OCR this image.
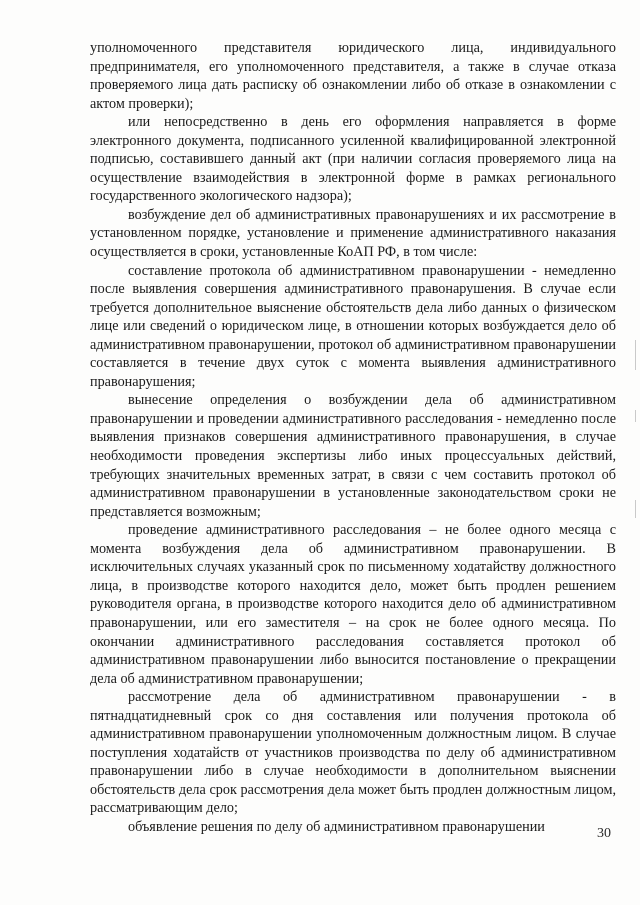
уполномоченного представителя юридического лица, индивидуального предпринимателя, его уполномоченного представителя, а также в случае отказа проверяемого лица дать расписку об ознакомлении либо об отказе в ознакомлении с актом проверки);

или непосредственно в день его оформления направляется в форме электронного документа, подписанного усиленной квалифицированной электронной подписью, составившего данный акт (при наличии согласия проверяемого лица на осуществление взаимодействия в электронной форме в рамках регионального государственного экологического надзора);

возбуждение дел об административных правонарушениях и их рассмотрение в установленном порядке, установление и применение административного наказания осуществляется в сроки, установленные КоАП РФ, в том числе:

составление протокола об административном правонарушении - немедленно после выявления совершения административного правонарушения. В случае если требуется дополнительное выяснение обстоятельств дела либо данных о физическом лице или сведений о юридическом лице, в отношении которых возбуждается дело об административном правонарушении, протокол об административном правонарушении составляется в течение двух суток с момента выявления административного правонарушения;

вынесение определения о возбуждении дела об административном правонарушении и проведении административного расследования - немедленно после выявления признаков совершения административного правонарушения, в случае необходимости проведения экспертизы либо иных процессуальных действий, требующих значительных временных затрат, в связи с чем составить протокол об административном правонарушении в установленные законодательством сроки не представляется возможным;

проведение административного расследования – не более одного месяца с момента возбуждения дела об административном правонарушении. В исключительных случаях указанный срок по письменному ходатайству должностного лица, в производстве которого находится дело, может быть продлен решением руководителя органа, в производстве которого находится дело об административном правонарушении, или его заместителя – на срок не более одного месяца. По окончании административного расследования составляется протокол об административном правонарушении либо выносится постановление о прекращении дела об административном правонарушении;

рассмотрение дела об административном правонарушении - в пятнадцатидневный срок со дня составления или получения протокола об административном правонарушении уполномоченным должностным лицом. В случае поступления ходатайств от участников производства по делу об административном правонарушении либо в случае необходимости в дополнительном выяснении обстоятельств дела срок рассмотрения дела может быть продлен должностным лицом, рассматривающим дело;

объявление решения по делу об административном правонарушении	30
